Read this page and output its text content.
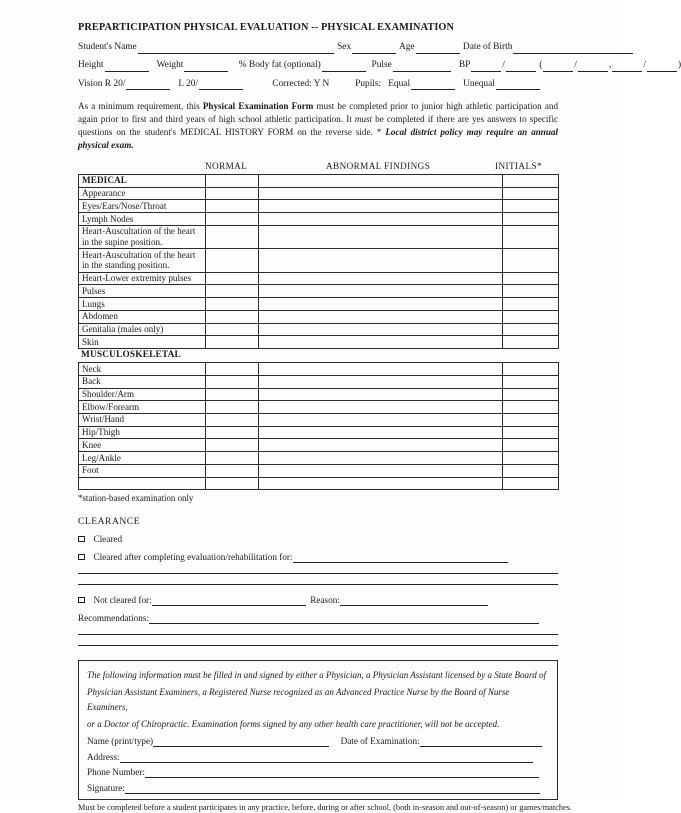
PREPARTICIPATION PHYSICAL EVALUATION -- PHYSICAL EXAMINATION
Student's Name	Sex	Age	Date of Birth
Height	Weight	% Body fat (optional)	Pulse	BP	/	(	/	,	/	)
Vision R 20/	L 20/	Corrected: Y N	Pupils: Equal	Unequal

As a minimum requirement, this Physical Examination Form must be completed prior to junior high athletic participation and again prior to first and third years of high school athletic participation. It must be completed if there are yes answers to specific questions on the student's MEDICAL HISTORY FORM on the reverse side. * Local district policy may require an annual physical exam.

NORMAL	ABNORMAL FINDINGS	INITIALS*
MEDICAL			
Appearance			
Eyes/Ears/Nose/Throat			
Lymph Nodes			
Heart-Auscultation of the heart in the supine position.			
Heart-Auscultation of the heart in the standing position.			
Heart-Lower extremity pulses			
Pulses			
Lungs			
Abdomen			
Genitalia (males only)			
Skin			
MUSCULOSKELETAL
Neck			
Back			
Shoulder/Arm			
Elbow/Forearm			
Wrist/Hand			
Hip/Thigh			
Knee			
Leg/Ankle			
Foot			

*station-based examination only
CLEARANCE
Cleared
Cleared after completing evaluation/rehabilitation for:
Not cleared for:	Reason:
Recommendations:
The following information must be filled in and signed by either a Physician, a Physician Assistant licensed by a State Board of
Physician Assistant Examiners, a Registered Nurse recognized as an Advanced Practice Nurse by the Board of Nurse Examiners,
or a Doctor of Chiropractic. Examination forms signed by any other health care practitioner, will not be accepted.
Name (print/type)	Date of Examination:
Address:
Phone Number:
Signature:
Must be completed before a student participates in any practice, before, during or after school, (both in-season and out-of-season) or games/matches.
